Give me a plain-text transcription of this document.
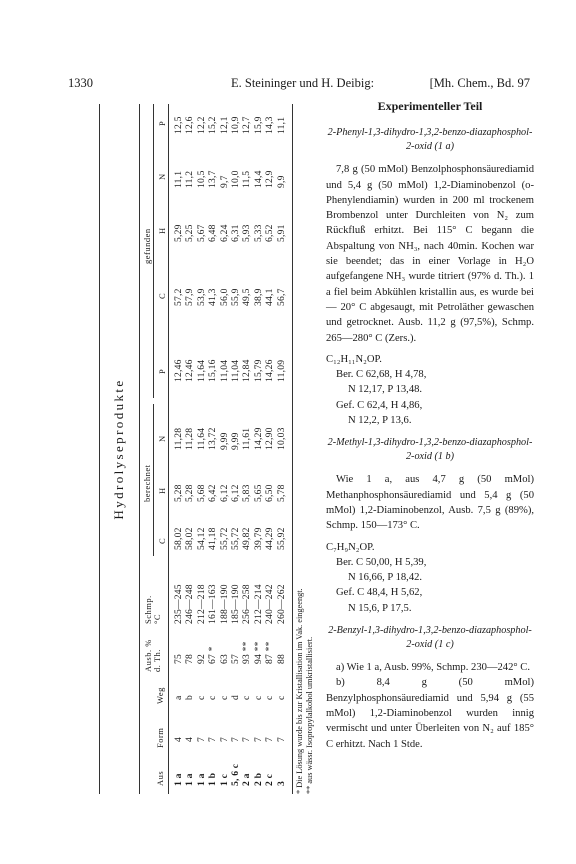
1330	E. Steininger und H. Deibig:	[Mh. Chem., Bd. 97
Hydrolyseprodukte
Aus
Form
Weg
Ausb. % d. Th.
Schmp. °C
berechnet
gefunden
C
H
N
P
C
H
N
P
1 a
4
a
75
235—245
58,02
5,28
11,28
12,46
57,2
5,29
11,1
12,5
1 a
4
b
78
246—248
58,02
5,28
11,28
12,46
57,9
5,25
11,2
12,6
1 a
7
c
92
212—218
54,12
5,68
11,64
11,64
53,9
5,67
10,5
12,2
1 b
7
c
67 *
161—163
41,18
6,42
13,72
15,16
41,3
6,48
13,7
15,2
1 c
7
c
63
188—190
55,72
6,12
9,99
11,04
56,0
6,24
9,7
12,1
5, 6 c
7
d
57
185—190
55,72
6,12
9,99
11,04
55,9
6,31
10,0
10,9
2 a
7
c
93 **
256—258
49,82
5,83
11,61
12,84
49,5
5,93
11,5
12,7
2 b
7
c
94 **
212—214
39,79
5,65
14,29
15,79
38,9
5,33
14,4
15,9
2 c
7
c
87 **
240—242
44,29
6,50
12,90
14,26
44,1
6,52
12,9
14,3
3
7
c
88
260—262
55,92
5,78
10,03
11,09
56,7
5,91
9,9
11,1
* Die Lösung wurde bis zur Kristallisation im Vak. eingeengt. ** aus wässr. Isopropylalkohol umkristallisiert.
Experimenteller Teil
2-Phenyl-1,3-dihydro-1,3,2-benzo-diazaphosphol-2-oxid (1 a)

7,8 g (50 mMol) Benzolphosphonsäurediamid und 5,4 g (50 mMol) 1,2-Diaminobenzol (o-Phenylendiamin) wurden in 200 ml trockenem Brombenzol unter Durchleiten von N₂ zum Rückfluß erhitzt. Bei 115° C begann die Abspaltung von NH₃, nach 40min. Kochen war sie beendet; das in einer Vorlage in H₂O aufgefangene NH₃ wurde titriert (97% d. Th.). 1 a fiel beim Abkühlen kristallin aus, es wurde bei — 20° C abgesaugt, mit Petroläther gewaschen und getrocknet. Ausb. 11,2 g (97,5%), Schmp. 265—280° C (Zers.).

C₁₂H₁₁N₂OP.

Ber. C 62,68, H 4,78,

N 12,17, P 13,48.

Gef. C 62,4, H 4,86,

N 12,2, P 13,6.

2-Methyl-1,3-dihydro-1,3,2-benzo-diazaphosphol-2-oxid (1 b)

Wie 1 a, aus 4,7 g (50 mMol) Methanphosphonsäurediamid und 5,4 g (50 mMol) 1,2-Diaminobenzol, Ausb. 7,5 g (89%), Schmp. 150—173° C.

C₇H₉N₂OP.

Ber. C 50,00, H 5,39,

N 16,66, P 18,42.

Gef. C 48,4, H 5,62,

N 15,6, P 17,5.

2-Benzyl-1,3-dihydro-1,3,2-benzo-diazaphosphol-2-oxid (1 c)

a) Wie 1 a, Ausb. 99%, Schmp. 230—242° C.

b) 8,4 g (50 mMol) Benzylphosphonsäurediamid und 5,94 g (55 mMol) 1,2-Diaminobenzol wurden innig vermischt und unter Überleiten von N₂ auf 185° C erhitzt. Nach 1 Stde.
